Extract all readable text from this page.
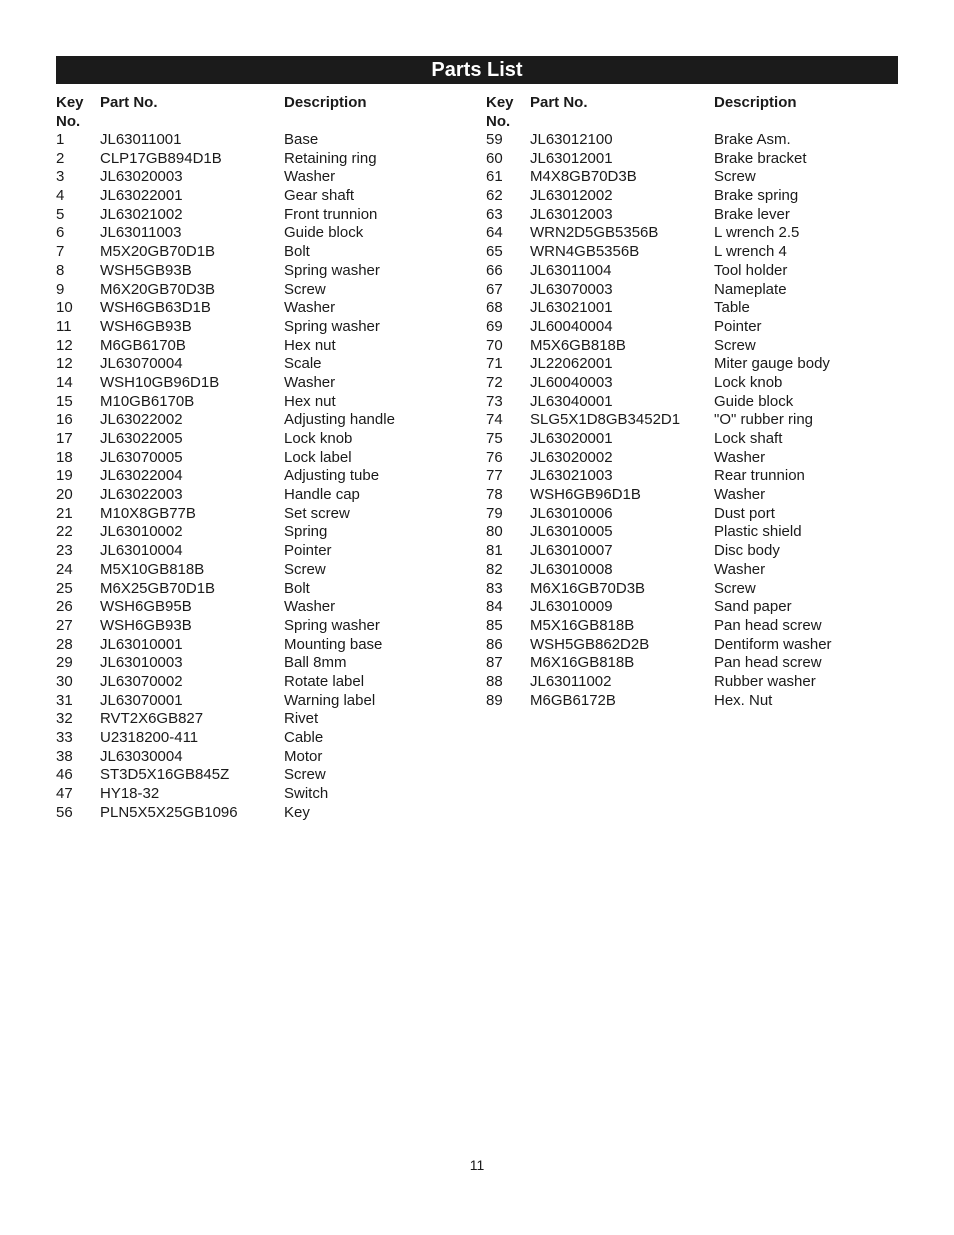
Parts List
Key
No.
Part No.	Description
1 JL63011001	Base
2 CLP17GB894D1B	Retaining ring
3 JL63020003	Washer
4 JL63022001	Gear shaft
5 JL63021002	Front trunnion
6 JL63011003	Guide block
7 M5X20GB70D1B	Bolt
8 WSH5GB93B	Spring washer
9 M6X20GB70D3B	Screw
10 WSH6GB63D1B	Washer
11 WSH6GB93B	Spring washer
12 M6GB6170B	Hex nut
12 JL63070004	Scale
14 WSH10GB96D1B	Washer
15 M10GB6170B	Hex nut
16 JL63022002	Adjusting handle
17 JL63022005	Lock knob
18 JL63070005	Lock label
19 JL63022004	Adjusting tube
20 JL63022003	Handle cap
21 M10X8GB77B	Set screw
22 JL63010002	Spring
23 JL63010004	Pointer
24 M5X10GB818B	Screw
25 M6X25GB70D1B	Bolt
26 WSH6GB95B	Washer
27 WSH6GB93B	Spring washer
28 JL63010001	Mounting base
29 JL63010003	Ball 8mm
30 JL63070002	Rotate label
31 JL63070001	Warning label
32 RVT2X6GB827	Rivet
33 U2318200-411	Cable
38 JL63030004	Motor
46 ST3D5X16GB845Z	Screw
47 HY18-32	Switch
56 PLN5X5X25GB1096	Key
Key
No.
Part No.	Description
59 JL63012100	Brake Asm.
60 JL63012001	Brake bracket
61 M4X8GB70D3B	Screw
62 JL63012002	Brake spring
63 JL63012003	Brake lever
64 WRN2D5GB5356B	L wrench 2.5
65 WRN4GB5356B	L wrench 4
66 JL63011004	Tool holder
67 JL63070003	Nameplate
68 JL63021001	Table
69 JL60040004	Pointer
70 M5X6GB818B	Screw
71 JL22062001	Miter gauge body
72 JL60040003	Lock knob
73 JL63040001	Guide block
74 SLG5X1D8GB3452D1 "O" rubber ring
75 JL63020001	Lock shaft
76 JL63020002	Washer
77 JL63021003	Rear trunnion
78 WSH6GB96D1B	Washer
79 JL63010006	Dust port
80 JL63010005	Plastic shield
81 JL63010007	Disc body
82 JL63010008	Washer
83 M6X16GB70D3B	Screw
84 JL63010009	Sand paper
85 M5X16GB818B	Pan head screw
86 WSH5GB862D2B	Dentiform washer
87 M6X16GB818B	Pan head screw
88 JL63011002	Rubber washer
89 M6GB6172B	Hex. Nut
11
